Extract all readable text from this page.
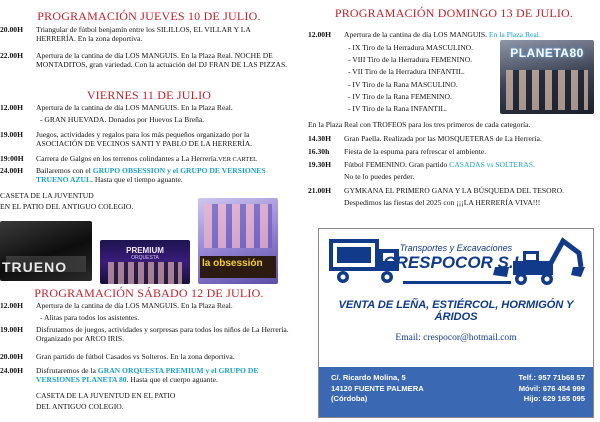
PROGRAMACIÓN JUEVES 10 DE JULIO.
20.00H	Triangular de fútbol benjamín entre los SILILLOS, EL VILLAR Y LA HERRERÍA. En la zona deportiva.
22.00H	Apertura de la cantina de día LOS MANGUIS. En la Plaza Real. NOCHE DE MONTADITOS, gran variedad. Con la actuación del DJ FRAN DE LAS PIZZAS.
VIERNES 11 DE JULIO
12.00H	Apertura de la cantina de día LOS MANGUIS. En la Plaza Real.
- GRAN HUEVADA. Donados por Huevos La Breña.
19.00H	Juegos, actividades y regalos para los más pequeños organizado por la ASOCIACIÓN DE VECINOS SANTI Y PABLO DE LA HERRERÍA.
19:00H	Carrera de Galgos en los terrenos colindantes a La Herrería.VER CARTEL
24.00H	Bailaremos con el GRUPO OBSESSION y el GRUPO DE VERSIONES TRUENO AZUL. Hasta que el tiempo aguante.
CASETA DE LA JUVENTUD
EN EL PATIO DEL ANTIGUO COLEGIO.
TRUENO
PREMIUM
ORQUESTA	la obsessión
PROGRAMACIÓN SÁBADO 12 DE JULIO.
12.00H	Apertura de la cantina de día LOS MANGUIS. En la Plaza Real.
- Alitas para todos los asistentes.
19.00H	Disfrutamos de juegos, actividades y sorpresas para todos los niños de La Herrería. Organizado por ARCO IRIS.
20.00H	Gran partido de fútbol Casados vs Solteros. En la zona deportiva.
24.00H	Disfrutaremos de la GRAN ORQUESTA PREMIUM y el GRUPO DE VERSIONES PLANETA 80. Hasta que el cuerpo aguante.
CASETA DE LA JUVENTUD EN EL PATIO
DEL ANTIGUO COLEGIO.
PROGRAMACIÓN DOMINGO 13 DE JULIO.
12.00H	Apertura de la cantina de día LOS MANGUIS. En la Plaza Real.
- IX Tiro de la Herradura MASCULINO.
- VIII Tiro de la Herradura FEMENINO.
- VII Tiro de la Herradura INFANTIL.
- IV Tiro de la Rana MASCULINO.
- IV Tiro de la Rana FEMENINO.
- IV Tiro de la Rana INFANTIL.
PLANETA80
En la Plaza Real con TROFEOS para los tres primeros de cada categoría.
14.30H	Gran Paella. Realizada por las MOSQUETERAS de La Herrería.
16.30h	Fiesta de la espuma para refrescar el ambiente.
19.30H	Fútbol FEMENINO. Gran partido CASADAS vs SOLTERAS.
No te lo puedes perder.
21.00H	GYMKANA EL PRIMERO GANA Y LA BÚSQUEDA DEL TESORO.
Despedimos las fiestas del 2025 con ¡¡¡LA HERRERÍA VIVA!!!
Transportes y Excavaciones
CRESPOCOR S.L.
VENTA DE LEÑA, ESTIÉRCOL, HORMIGÓN Y ÁRIDOS
Email: crespocor@hotmail.com
C/. Ricardo Molina, 5
14120 FUENTE PALMERA
(Córdoba)
Telf.: 957 71b68 57
Móvil: 676 454 999
Hijo: 629 165 095
